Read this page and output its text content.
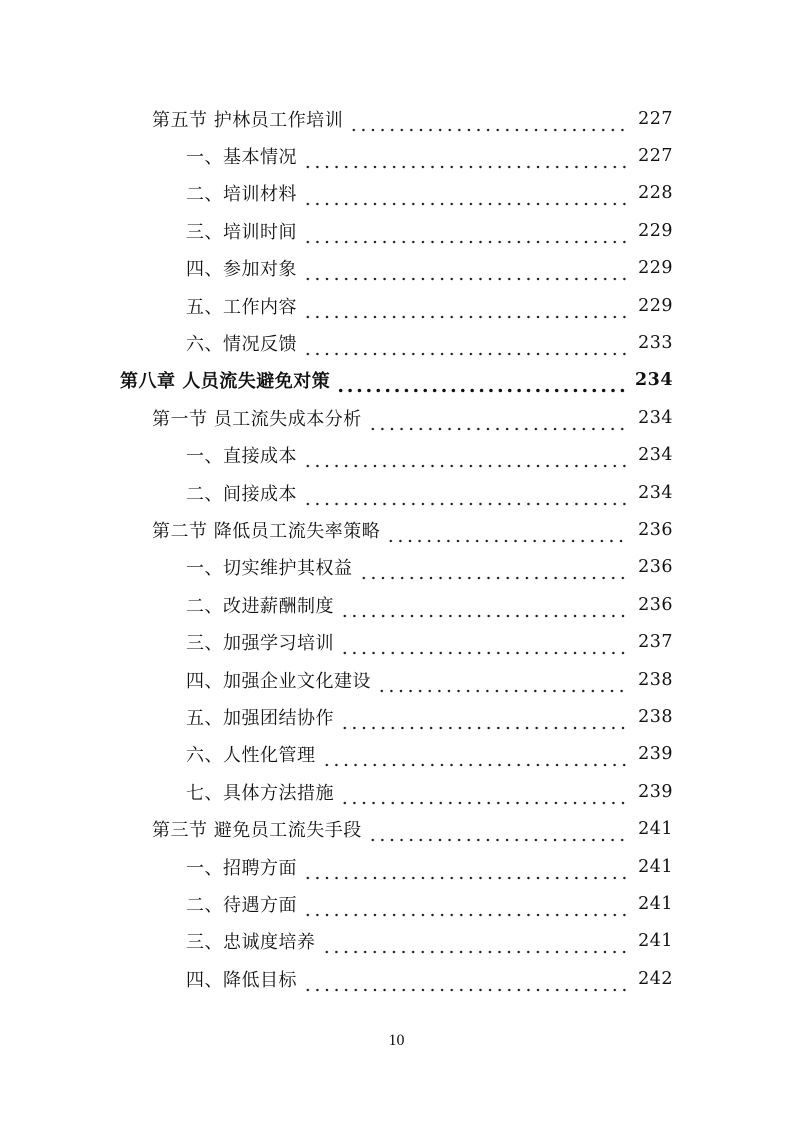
第五节 护林员工作培训	227
一、基本情况	227
二、培训材料	228
三、培训时间	229
四、参加对象	229
五、工作内容	229
六、情况反馈	233
第八章 人员流失避免对策	234
第一节 员工流失成本分析	234
一、直接成本	234
二、间接成本	234
第二节 降低员工流失率策略	236
一、切实维护其权益	236
二、改进薪酬制度	236
三、加强学习培训	237
四、加强企业文化建设	238
五、加强团结协作	238
六、人性化管理	239
七、具体方法措施	239
第三节 避免员工流失手段	241
一、招聘方面	241
二、待遇方面	241
三、忠诚度培养	241
四、降低目标	242
10
